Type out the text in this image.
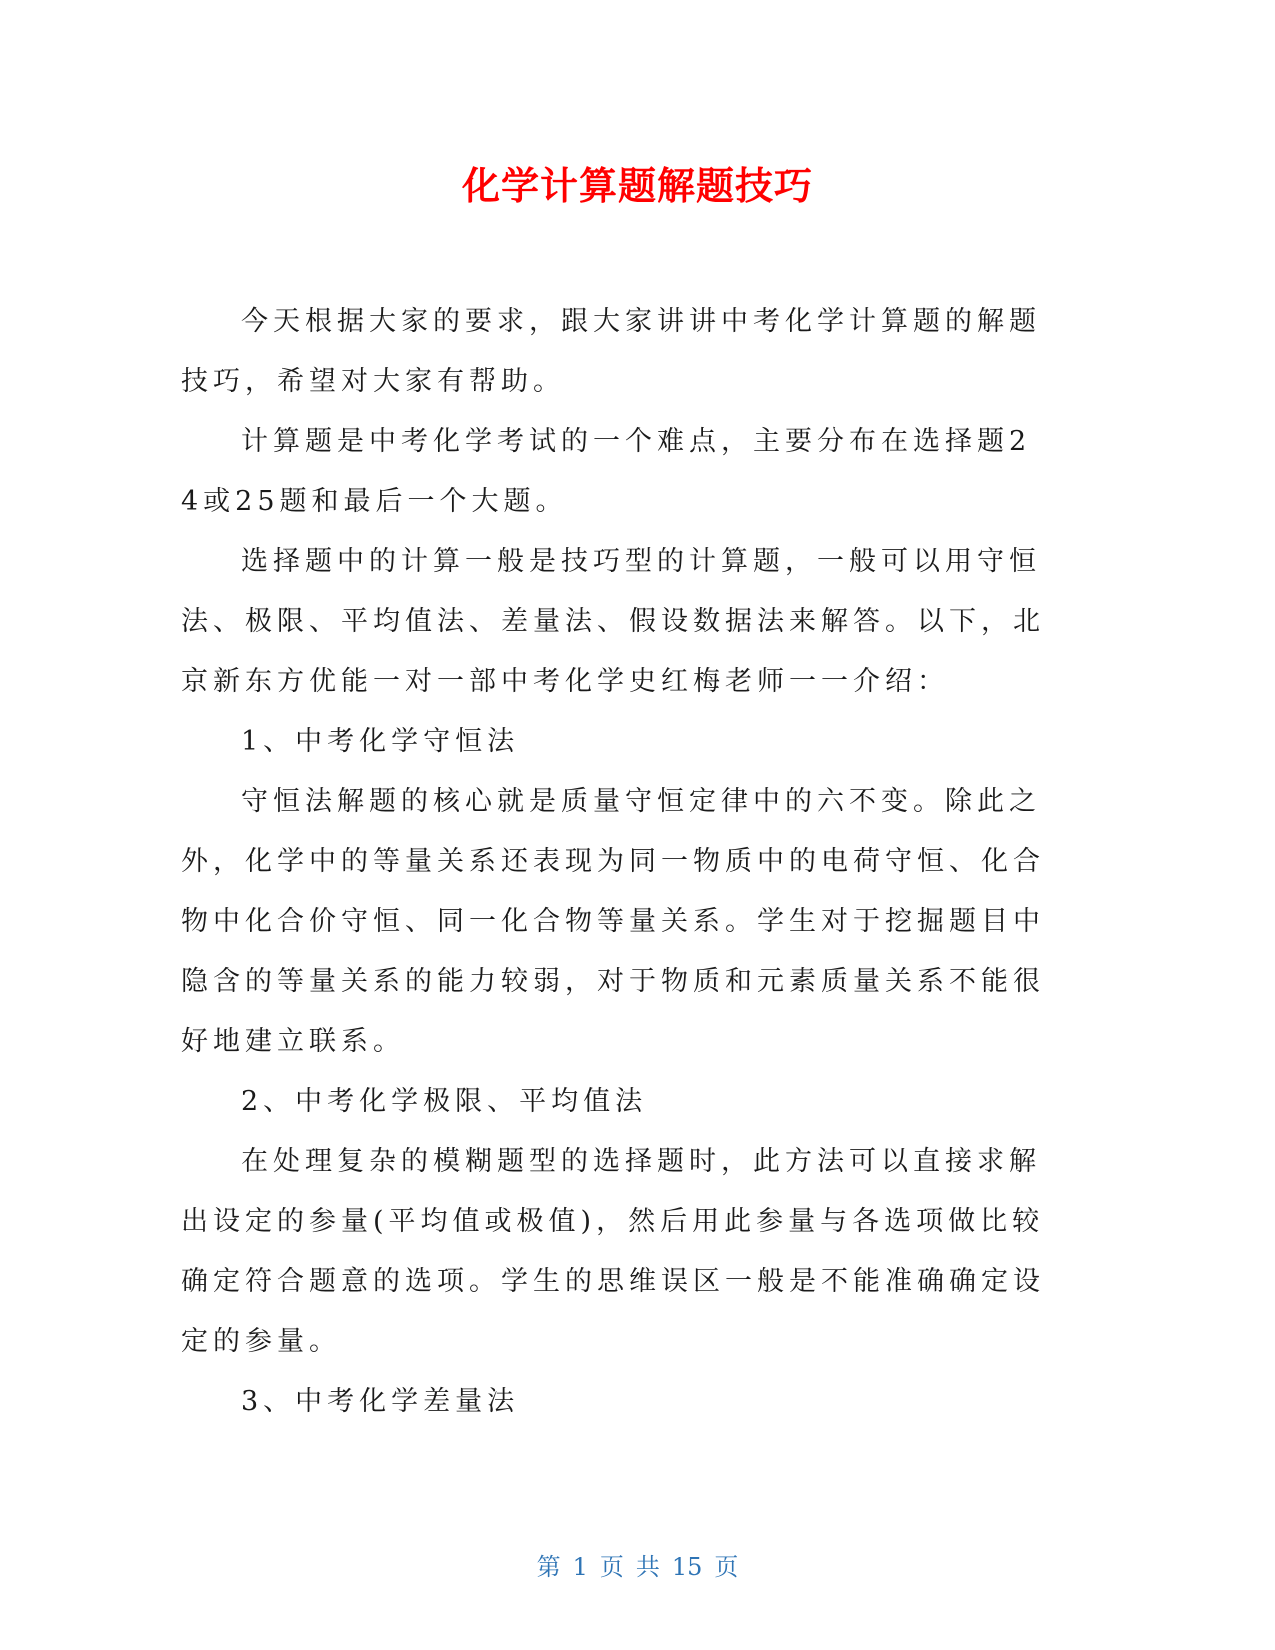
化学计算题解题技巧

今天根据大家的要求，跟大家讲讲中考化学计算题的解题技巧，希望对大家有帮助。

计算题是中考化学考试的一个难点，主要分布在选择题24或25题和最后一个大题。

选择题中的计算一般是技巧型的计算题，一般可以用守恒法、极限、平均值法、差量法、假设数据法来解答。以下，北京新东方优能一对一部中考化学史红梅老师一一介绍：

1、中考化学守恒法

守恒法解题的核心就是质量守恒定律中的六不变。除此之外，化学中的等量关系还表现为同一物质中的电荷守恒、化合物中化合价守恒、同一化合物等量关系。学生对于挖掘题目中隐含的等量关系的能力较弱，对于物质和元素质量关系不能很好地建立联系。

2、中考化学极限、平均值法

在处理复杂的模糊题型的选择题时，此方法可以直接求解出设定的参量(平均值或极值)，然后用此参量与各选项做比较确定符合题意的选项。学生的思维误区一般是不能准确确定设定的参量。

3、中考化学差量法

第 1 页 共 15 页
